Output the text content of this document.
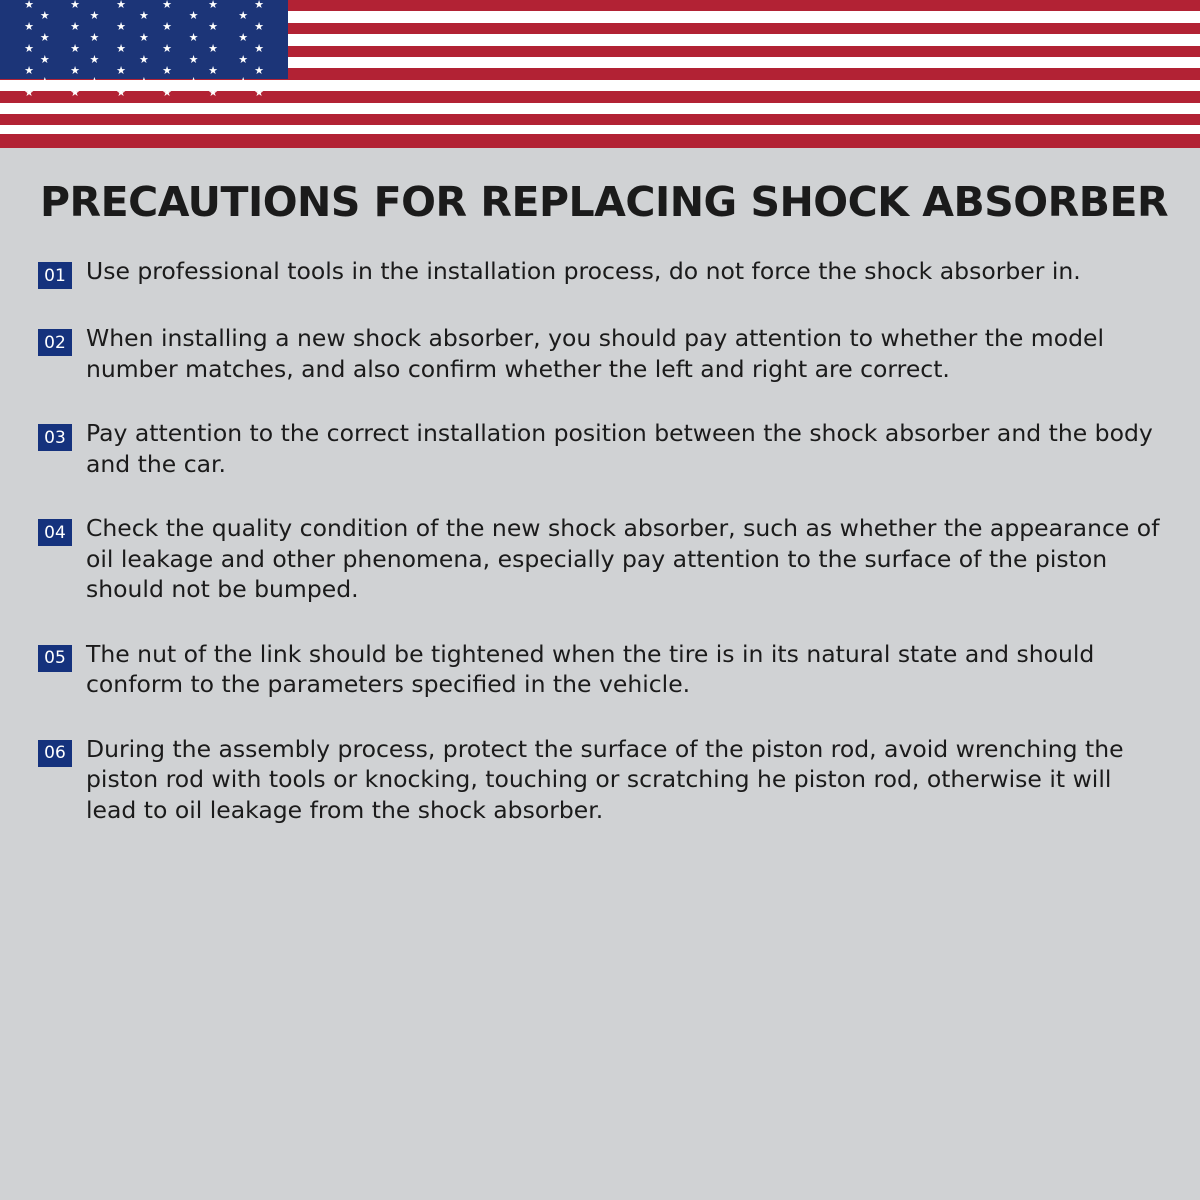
★	★	★	★	★	★
★	★	★	★	★
★	★	★	★	★	★
★	★	★	★	★
★	★	★	★	★	★
★	★	★	★	★
★	★	★	★	★	★
★	★	★	★	★
★	★	★	★	★	★
PRECAUTIONS FOR REPLACING SHOCK ABSORBER
01 Use professional tools in the installation process, do not force the shock absorber in.
02 When installing a new shock absorber, you should pay attention to whether the model number matches, and also confirm whether the left and right are correct.
03 Pay attention to the correct installation position between the shock absorber and the body and the car.
04 Check the quality condition of the new shock absorber, such as whether the appearance of oil leakage and other phenomena, especially pay attention to the surface of the piston should not be bumped.
05 The nut of the link should be tightened when the tire is in its natural state and should conform to the parameters specified in the vehicle.
06 During the assembly process, protect the surface of the piston rod, avoid wrenching the piston rod with tools or knocking, touching or scratching he piston rod, otherwise it will lead to oil leakage from the shock absorber.
